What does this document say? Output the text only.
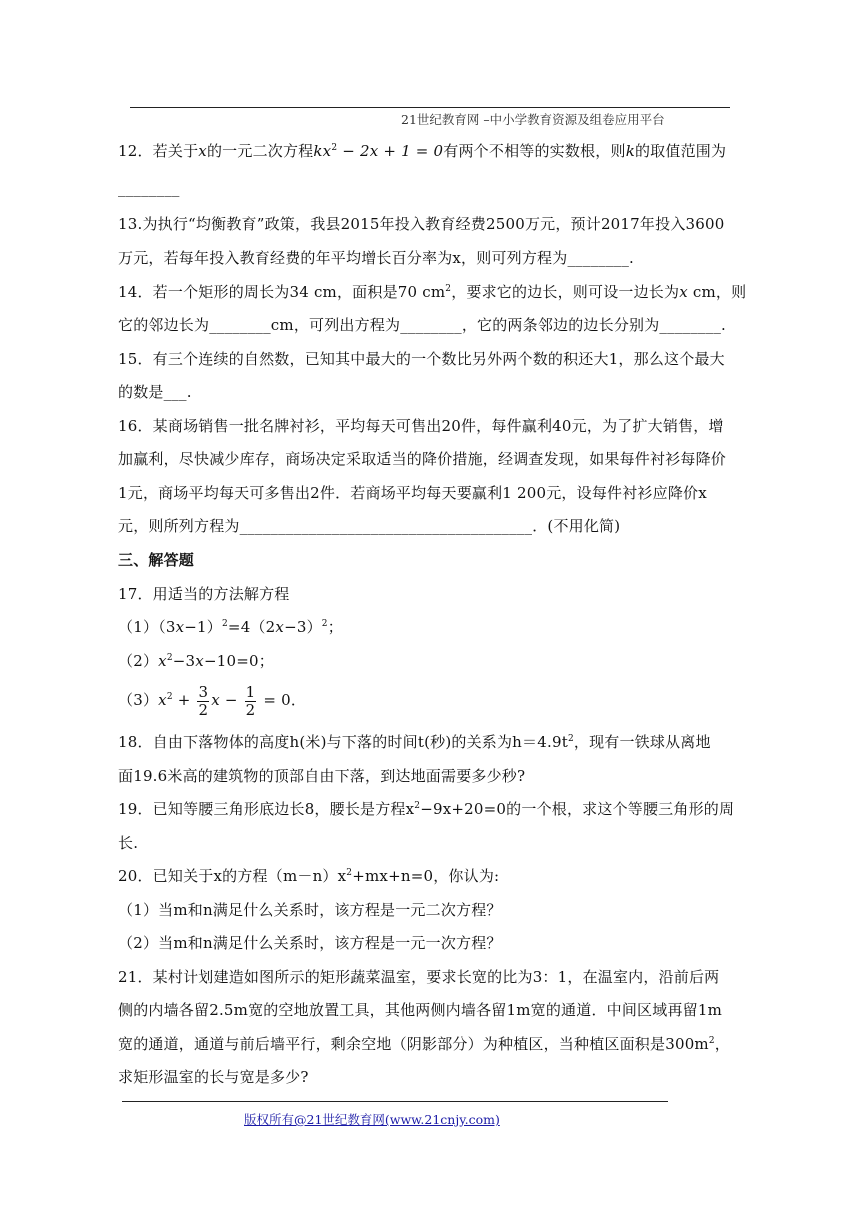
21世纪教育网 –中小学教育资源及组卷应用平台
12．若关于x的一元二次方程$kx^2 - 2x + 1 = 0$有两个不相等的实数根，则k的取值范围为
________
13.为执行“均衡教育”政策，我县2015年投入教育经费2500万元，预计2017年投入3600
万元，若每年投入教育经费的年平均增长百分率为x，则可列方程为________.
14．若一个矩形的周长为34 cm，面积是70 $cm^2$，要求它的边长，则可设一边长为x cm，则
它的邻边长为________cm，可列出方程为________，它的两条邻边的边长分别为________.
15．有三个连续的自然数，已知其中最大的一个数比另外两个数的积还大1，那么这个最大
的数是___.
16．某商场销售一批名牌衬衫，平均每天可售出20件，每件赢利40元，为了扩大销售，增
加赢利，尽快减少库存，商场决定采取适当的降价措施，经调查发现，如果每件衬衫每降价
1元，商场平均每天可多售出2件．若商场平均每天要赢利1 200元，设每件衬衫应降价x
元，则所列方程为______________________________________．(不用化简)
三、解答题
17．用适当的方法解方程
$(1)(3x-1)^2=4(2x-3)^2$；
$(2)x^2-3x-10=0$；
$(3)x^2 + \frac{3}{2}$ $x - \frac{1}{2} = 0$．
18．自由下落物体的高度h(米)与下落的时间t(秒)的关系为$h=4.9t^2$，现有一铁球从离地
面19.6米高的建筑物的顶部自由下落，到达地面需要多少秒?
19．已知等腰三角形底边长8，腰长是方程$x^2-9x+20=0$的一个根，求这个等腰三角形的周
长.
20．已知关于x的方程$(m-n)x^2+mx+n=0$，你认为:
（1）当m和n满足什么关系时，该方程是一元二次方程？
（2）当m和n满足什么关系时，该方程是一元一次方程？
21．某村计划建造如图所示的矩形蔬菜温室，要求长宽的比为3：1，在温室内，沿前后两
侧的内墙各留2.5m宽的空地放置工具，其他两侧内墙各留1m宽的通道．中间区域再留1m
宽的通道，通道与前后墙平行，剩余空地（阴影部分）为种植区，当种植区面积是$300m^2$，
求矩形温室的长与宽是多少?
版权所有@21世纪教育网(www.21cnjy.com)
